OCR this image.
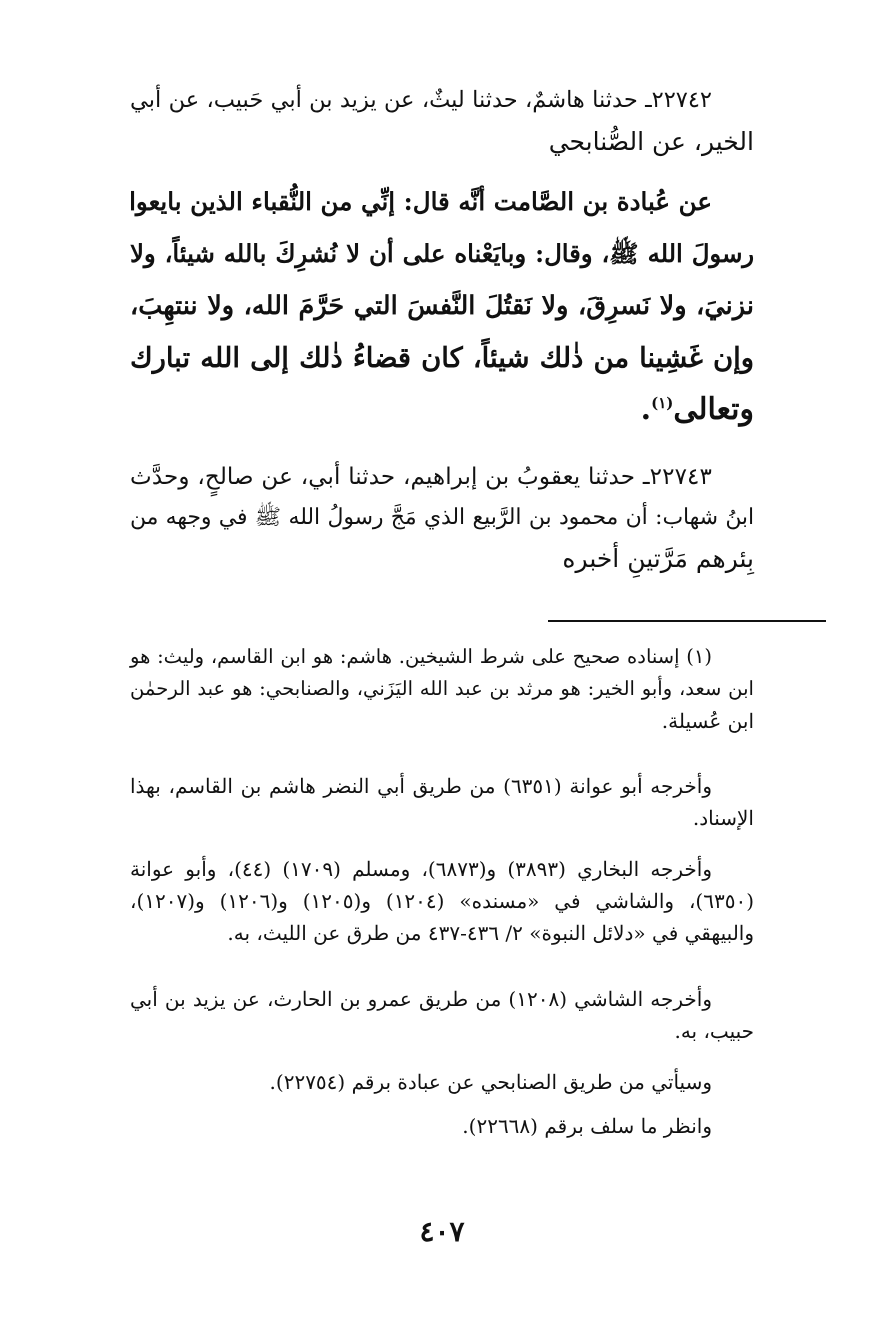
٢٢٧٤٢ـ حدثنا هاشمٌ، حدثنا ليثٌ، عن يزيد بن أبي حَبيب، عن أبي
الخير، عن الصُّنابحي
عن عُبادة بن الصَّامت أنَّه قال: إنِّي من النُّقباء الذين بايعوا
رسولَ الله ﷺ، وقال: وبايَعْناه على أن لا نُشرِكَ بالله شيئاً، ولا
نزنيَ، ولا نَسرِقَ، ولا نَقتُلَ النَّفسَ التي حَرَّمَ الله، ولا ننتهِبَ،
وإن غَشِينا من ذٰلك شيئاً، كان قضاءُ ذٰلك إلى الله تبارك
وتعالى$^{(١)}$.
٢٢٧٤٣ـ حدثنا يعقوبُ بن إبراهيم، حدثنا أبي، عن صالحٍ، وحدَّث
ابنُ شهاب: أن محمود بن الرَّبيع الذي مَجَّ رسولُ الله ﷺ في وجهه من
بِئرهم مَرَّتينِ أخبره
(١) إسناده صحيح على شرط الشيخين. هاشم: هو ابن القاسم، وليث: هو
ابن سعد، وأبو الخير: هو مرثد بن عبد الله اليَزَني، والصنابحي: هو عبد الرحمٰن
ابن عُسيلة.
وأخرجه أبو عوانة (٦٣٥١) من طريق أبي النضر هاشم بن القاسم، بهذا
الإسناد.
وأخرجه البخاري (٣٨٩٣) و(٦٨٧٣)، ومسلم (١٧٠٩) (٤٤)، وأبو عوانة
(٦٣٥٠)، والشاشي في «مسنده» (١٢٠٤) و(١٢٠٥) و(١٢٠٦) و(١٢٠٧)،
والبيهقي في «دلائل النبوة» ٢/ ٤٣٦-٤٣٧ من طرق عن الليث، به.
وأخرجه الشاشي (١٢٠٨) من طريق عمرو بن الحارث، عن يزيد بن أبي
حبيب، به.
وسيأتي من طريق الصنابحي عن عبادة برقم (٢٢٧٥٤).
وانظر ما سلف برقم (٢٢٦٦٨).
٤٠٧
